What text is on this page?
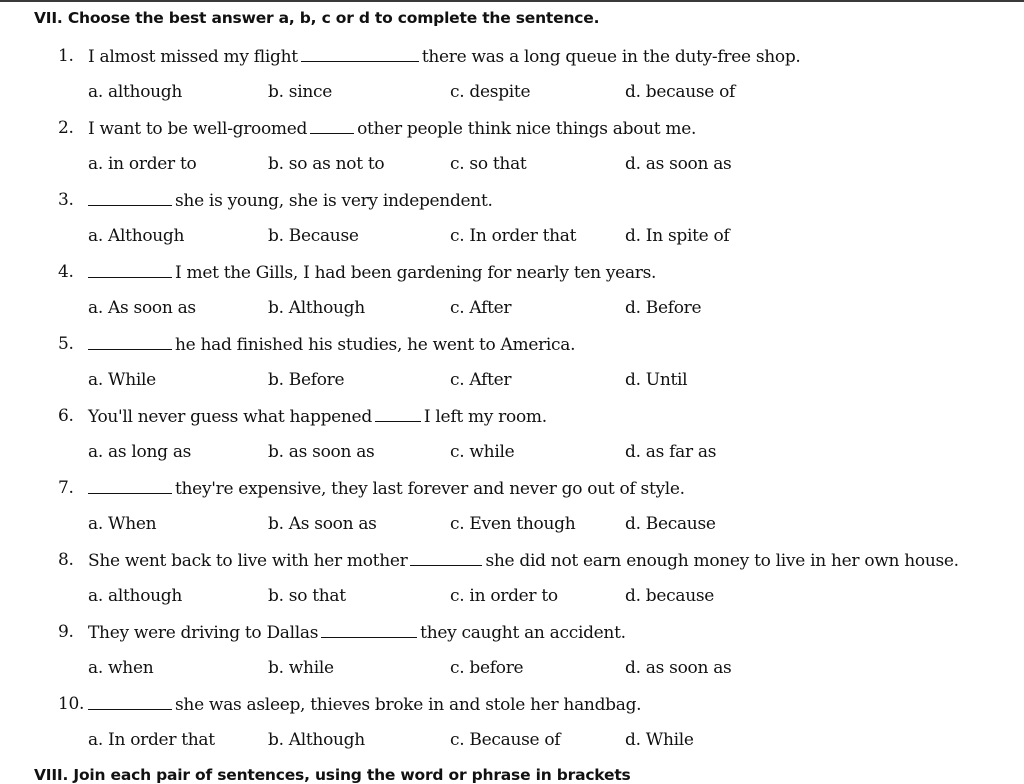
VII. Choose the best answer a, b, c or d to complete the sentence.
1. I almost missed my flight	there was a long queue in the duty-free shop.
a. although	b. since	c. despite	d. because of
2. I want to be well-groomed	other people think nice things about me.
a. in order to	b. so as not to	c. so that	d. as soon as
3.	she is young, she is very independent.
a. Although	b. Because	c. In order that	d. In spite of
4.	I met the Gills, I had been gardening for nearly ten years.
a. As soon as	b. Although	c. After	d. Before
5.	he had finished his studies, he went to America.
a. While	b. Before	c. After	d. Until
6. You'll never guess what happened	I left my room.
a. as long as	b. as soon as	c. while	d. as far as
7.	they're expensive, they last forever and never go out of style.
a. When	b. As soon as	c. Even though	d. Because
8. She went back to live with her mother	she did not earn enough money to live in her own house.
a. although	b. so that	c. in order to	d. because
9. They were driving to Dallas	they caught an accident.
a. when	b. while	c. before	d. as soon as
10.	she was asleep, thieves broke in and stole her handbag.
a. In order that	b. Although	c. Because of	d. While
VIII. Join each pair of sentences, using the word or phrase in brackets
